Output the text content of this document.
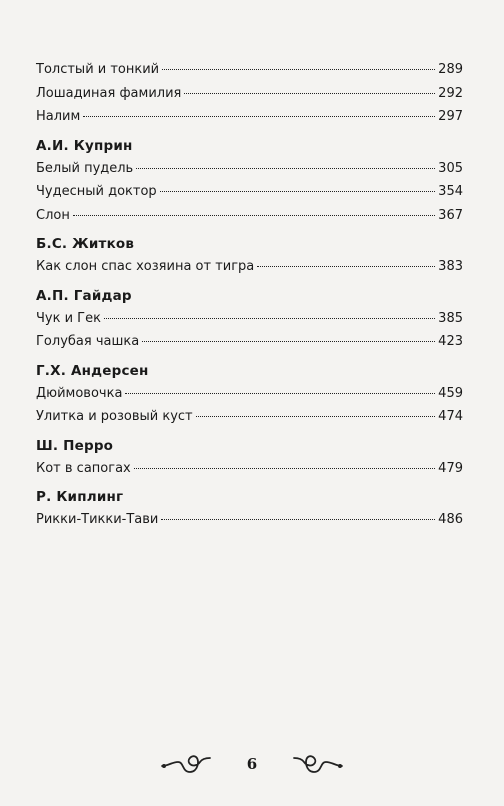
Толстый и тонкий	289
Лошадиная фамилия	292
Налим	297
А.И. Куприн
Белый пудель	305
Чудесный доктор	354
Слон	367
Б.С. Житков
Как слон спас хозяина от тигра	383
А.П. Гайдар
Чук и Гек	385
Голубая чашка	423
Г.Х. Андерсен
Дюймовочка	459
Улитка и розовый куст	474
Ш. Перро
Кот в сапогах	479
Р. Киплинг
Рикки-Тикки-Тави	486
6
